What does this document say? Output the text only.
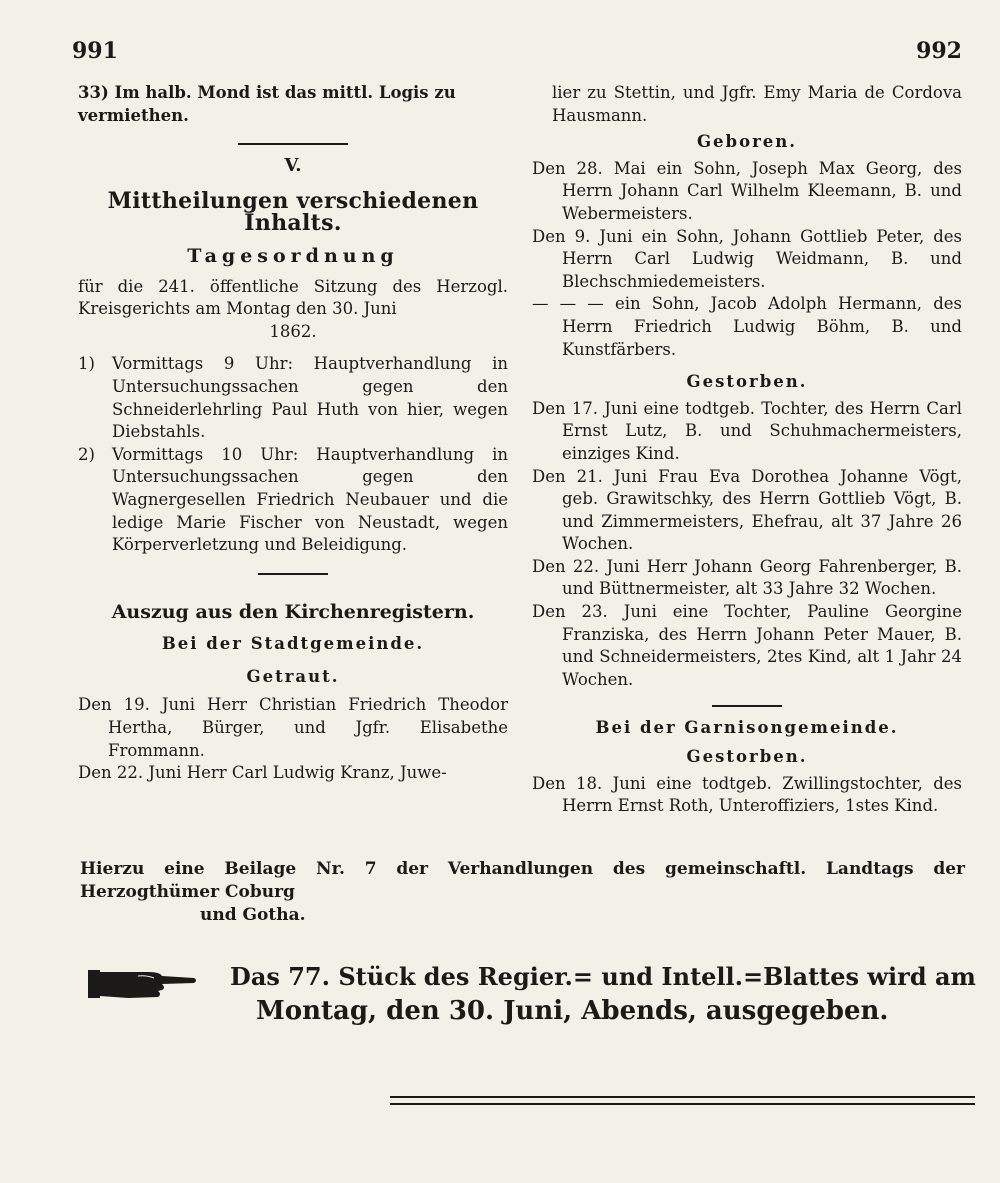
991	992
33) Im halb. Mond ist das mittl. Logis zu vermiethen.
V.
Mittheilungen verschiedenen Inhalts.
Tagesordnung
für die 241. öffentliche Sitzung des Herzogl. Kreisgerichts am Montag den 30. Juni
1862.
1)	Vormittags 9 Uhr: Hauptverhandlung in Untersuchungssachen gegen den Schneiderlehrling Paul Huth von hier, wegen Diebstahls.
2)	Vormittags 10 Uhr: Hauptverhandlung in Untersuchungssachen gegen den Wagnergesellen Friedrich Neubauer und die ledige Marie Fischer von Neustadt, wegen Körperverletzung und Beleidigung.
Auszug aus den Kirchenregistern.
Bei der Stadtgemeinde.
Getraut.
Den 19. Juni Herr Christian Friedrich Theodor Hertha, Bürger, und Jgfr. Elisabethe Frommann.
Den 22. Juni Herr Carl Ludwig Kranz, Juwe-
lier zu Stettin, und Jgfr. Emy Maria de Cordova Hausmann.
Geboren.
Den 28. Mai ein Sohn, Joseph Max Georg, des Herrn Johann Carl Wilhelm Kleemann, B. und Webermeisters.
Den 9. Juni ein Sohn, Johann Gottlieb Peter, des Herrn Carl Ludwig Weidmann, B. und Blechschmiedemeisters.
— — — ein Sohn, Jacob Adolph Hermann, des Herrn Friedrich Ludwig Böhm, B. und Kunstfärbers.
Gestorben.
Den 17. Juni eine todtgeb. Tochter, des Herrn Carl Ernst Lutz, B. und Schuhmachermeisters, einziges Kind.
Den 21. Juni Frau Eva Dorothea Johanne Vögt, geb. Grawitschky, des Herrn Gottlieb Vögt, B. und Zimmermeisters, Ehefrau, alt 37 Jahre 26 Wochen.
Den 22. Juni Herr Johann Georg Fahrenberger, B. und Büttnermeister, alt 33 Jahre 32 Wochen.
Den 23. Juni eine Tochter, Pauline Georgine Franziska, des Herrn Johann Peter Mauer, B. und Schneidermeisters, 2tes Kind, alt 1 Jahr 24 Wochen.
Bei der Garnisongemeinde.
Gestorben.
Den 18. Juni eine todtgeb. Zwillingstochter, des Herrn Ernst Roth, Unteroffiziers, 1stes Kind.
Hierzu eine Beilage Nr. 7 der Verhandlungen des gemeinschaftl. Landtags der Herzogthümer Coburg
und Gotha.
Das 77. Stück des Regier.= und Intell.=Blattes wird am
Montag, den 30. Juni, Abends, ausgegeben.
